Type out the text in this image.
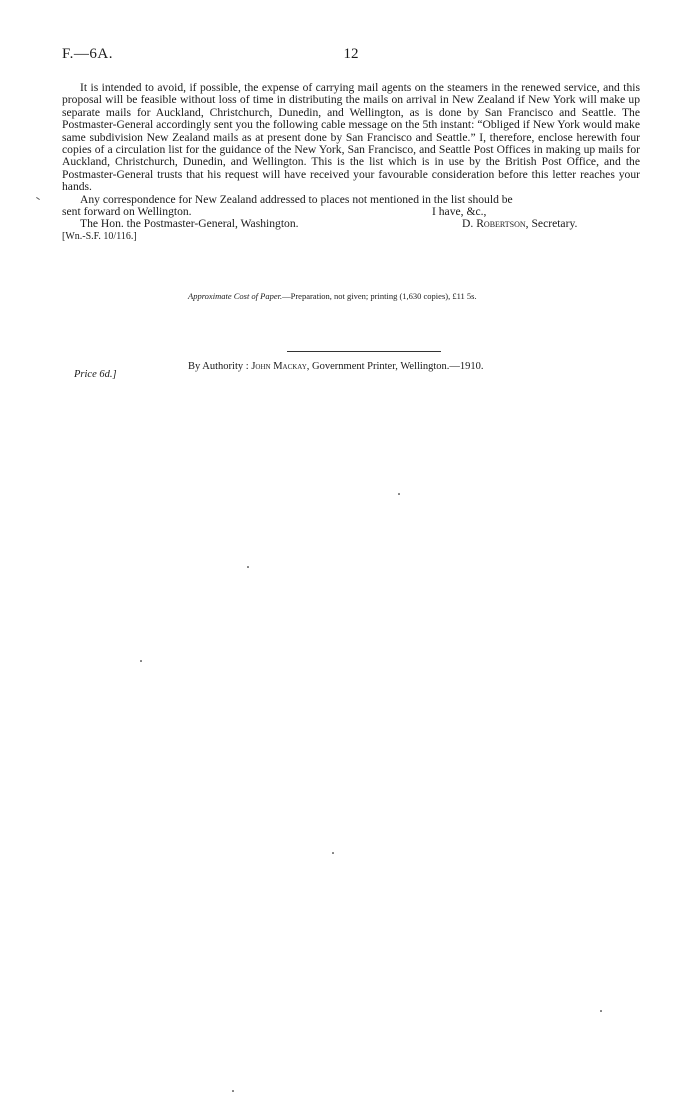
F.—6A.	12

It is intended to avoid, if possible, the expense of carrying mail agents on the steamers in the renewed service, and this proposal will be feasible without loss of time in distributing the mails on arrival in New Zealand if New York will make up separate mails for Auckland, Christchurch, Dunedin, and Wellington, as is done by San Francisco and Seattle. The Postmaster-General accordingly sent you the following cable message on the 5th instant: “Obliged if New York would make same subdivision New Zealand mails as at present done by San Francisco and Seattle.” I, therefore, enclose herewith four copies of a circulation list for the guidance of the New York, San Francisco, and Seattle Post Offices in making up mails for Auckland, Christchurch, Dunedin, and Wellington. This is the list which is in use by the British Post Office, and the Postmaster-General trusts that his request will have received your favourable consideration before this letter reaches your hands.

Any correspondence for New Zealand addressed to places not mentioned in the list should be
sent forward on Wellington.	I have, &c.,
The Hon. the Postmaster-General, Washington.	D. Robertson, Secretary.
[Wn.-S.F. 10/116.]
Approximate Cost of Paper.—Preparation, not given; printing (1,630 copies), £11 5s.
By Authority : John Mackay, Government Printer, Wellington.—1910.
Price 6d.]
